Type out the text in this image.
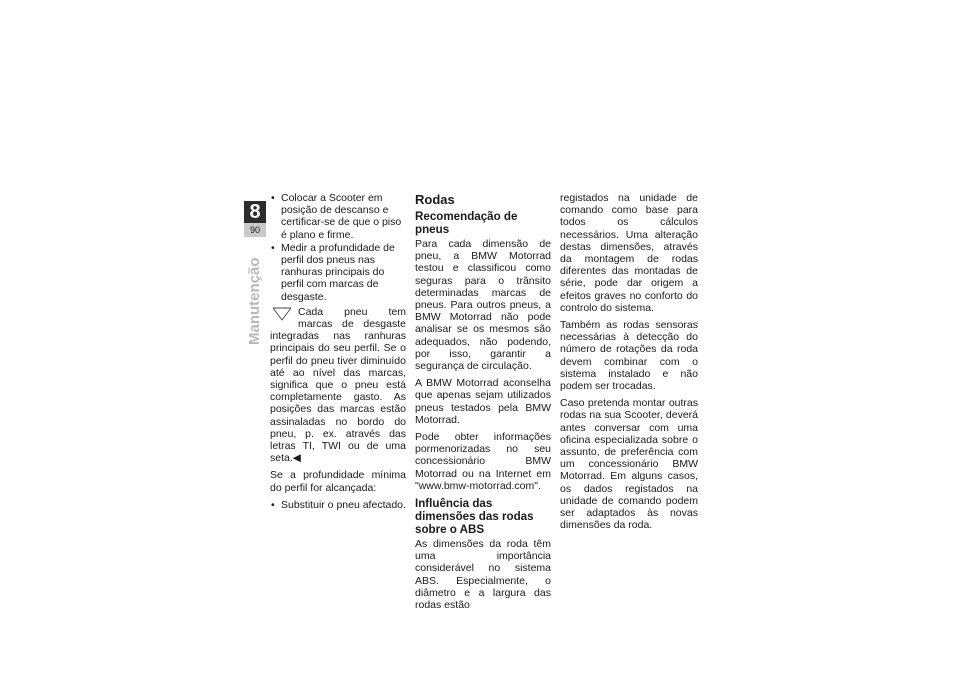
8
90
Manutenção

• Colocar a Scooter em posição de descanso e certificar-se de que o piso é plano e firme.

• Medir a profundidade de perfil dos pneus nas ranhuras principais do perfil com marcas de desgaste.

Cada pneu tem marcas de desgaste integradas nas ranhuras principais do seu perfil. Se o perfil do pneu tiver diminuído até ao nível das marcas, significa que o pneu está completamente gasto. As posições das marcas estão assinaladas no bordo do pneu, p. ex. através das letras TI, TWI ou de uma seta.◀

Se a profundidade mínima do perfil for alcançada:

• Substituir o pneu afectado.

Rodas
Recomendação de pneus

Para cada dimensão de pneu, a BMW Motorrad testou e classificou como seguras para o trânsito determinadas marcas de pneus. Para outros pneus, a BMW Motorrad não pode analisar se os mesmos são adequados, não podendo, por isso, garantir a segurança de circulação.

A BMW Motorrad aconselha que apenas sejam utilizados pneus testados pela BMW Motorrad.

Pode obter informações pormenorizadas no seu concessionário BMW Motorrad ou na Internet em "www.bmw-motorrad.com".

Influência das dimensões das rodas sobre o ABS

As dimensões da roda têm uma importância considerável no sistema ABS. Especialmente, o diâmetro e a largura das rodas estão

registados na unidade de comando como base para todos os cálculos necessários. Uma alteração destas dimensões, através da montagem de rodas diferentes das montadas de série, pode dar origem a efeitos graves no conforto do controlo do sistema.

Também as rodas sensoras necessárias à detecção do número de rotações da roda devem combinar com o sistema instalado e não podem ser trocadas.

Caso pretenda montar outras rodas na sua Scooter, deverá antes conversar com uma oficina especializada sobre o assunto, de preferência com um concessionário BMW Motorrad. Em alguns casos, os dados registados na unidade de comando podem ser adaptados às novas dimensões da roda.
